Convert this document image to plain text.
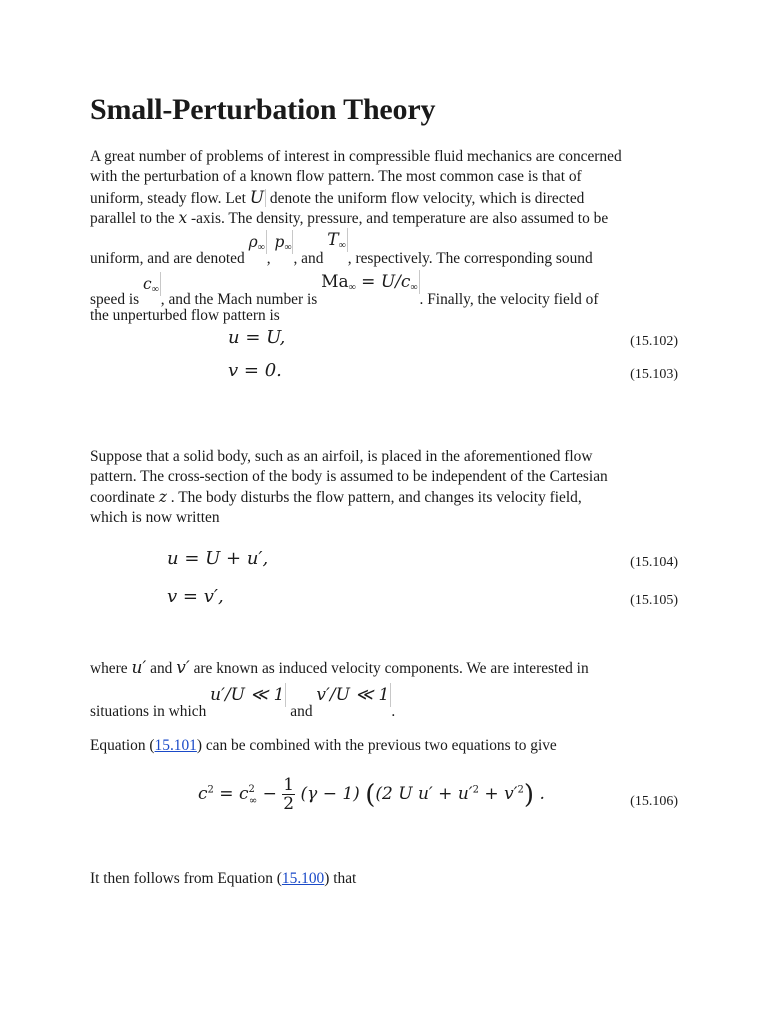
Small-Perturbation Theory
A great number of problems of interest in compressible fluid mechanics are concerned
with the perturbation of a known flow pattern. The most common case is that of
uniform, steady flow. Let U denote the uniform flow velocity, which is directed
parallel to the x -axis. The density, pressure, and temperature are also assumed to be
uniform, and are denoted $\rho_\infty$, $p_\infty$, and $T_\infty$, respectively. The corresponding sound
speed is $c_\infty$, and the Mach number is $Ma_\infty = U/c_\infty$. Finally, the velocity field of
the unperturbed flow pattern is
u = U,	(15.102)
v = 0.	(15.103)
Suppose that a solid body, such as an airfoil, is placed in the aforementioned flow
pattern. The cross-section of the body is assumed to be independent of the Cartesian
coordinate z . The body disturbs the flow pattern, and changes its velocity field,
which is now written
u = U + u′,	(15.104)
v = v′,	(15.105)
where u′ and v′ are known as induced velocity components. We are interested in
situations in which u′/U ≪ 1 and v′/U ≪ 1.
Equation (15.101) can be combined with the previous two equations to give
$c^2 = c^2_\infty - \frac{1}{2} (\gamma - 1)$ ((2 U $u' + u'^2 + v'^2$) .	(15.106)
It then follows from Equation (15.100) that
